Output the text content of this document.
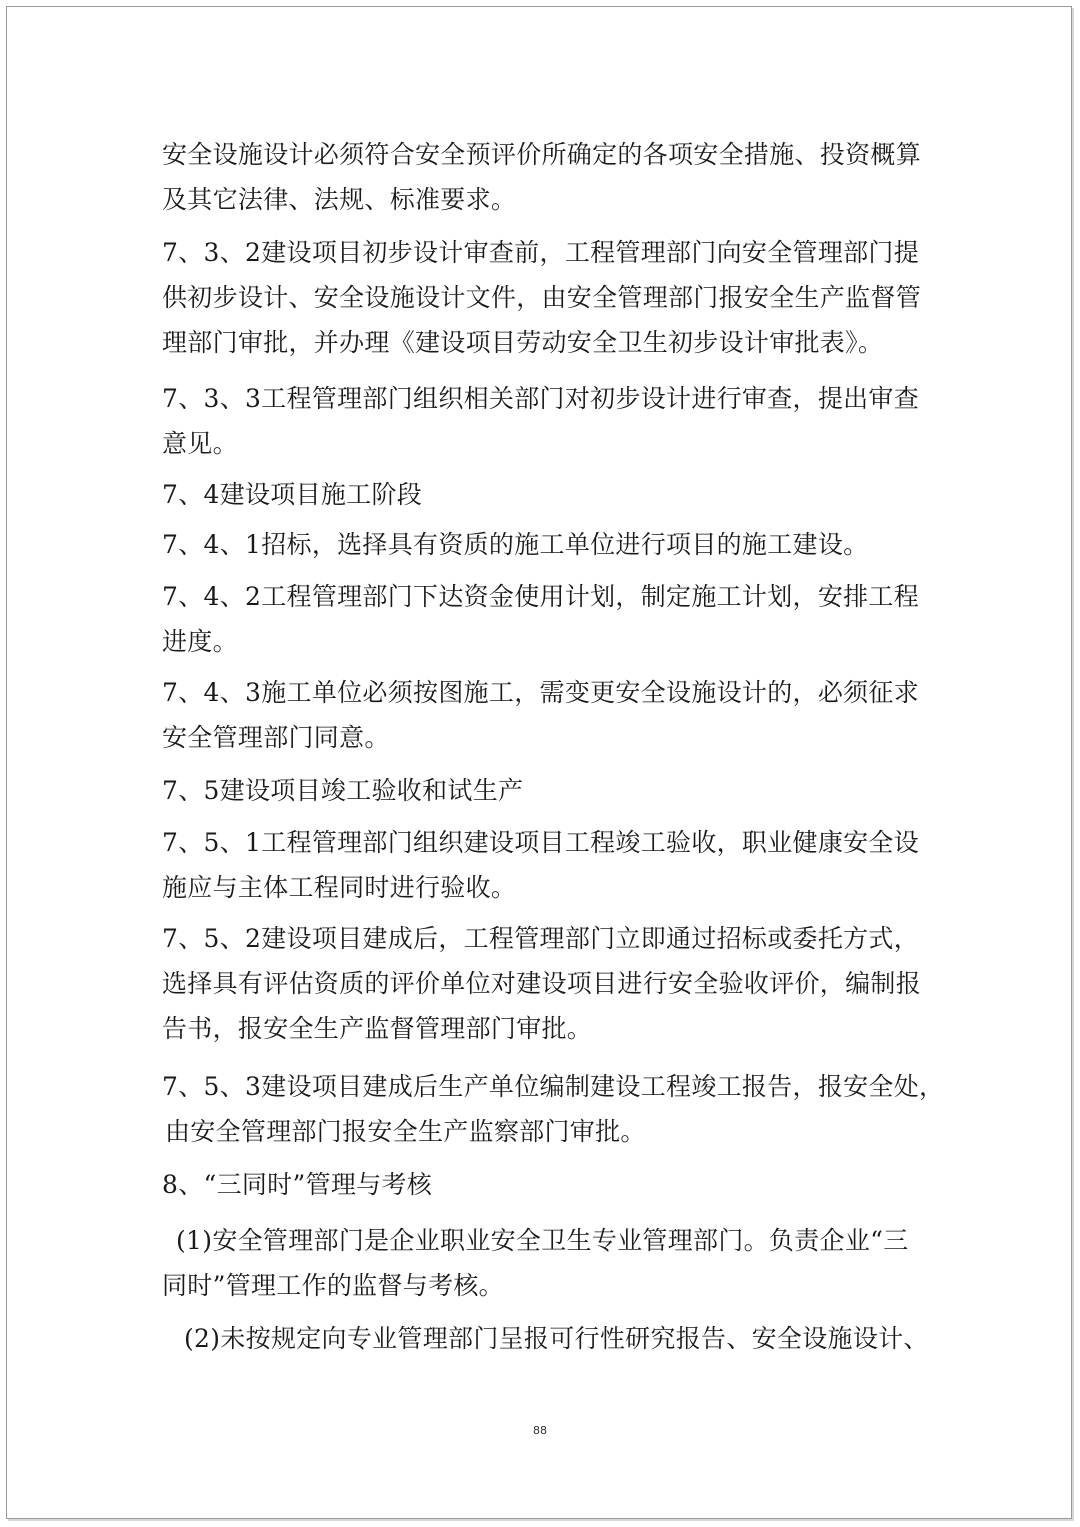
安全设施设计必须符合安全预评价所确定的各项安全措施、投资概算
及其它法律、法规、标准要求。

7、3、2建设项目初步设计审查前，工程管理部门向安全管理部门提
供初步设计、安全设施设计文件，由安全管理部门报安全生产监督管
理部门审批，并办理《建设项目劳动安全卫生初步设计审批表》。

7、3、3工程管理部门组织相关部门对初步设计进行审查，提出审查
意见。

7、4建设项目施工阶段

7、4、1招标，选择具有资质的施工单位进行项目的施工建设。

7、4、2工程管理部门下达资金使用计划，制定施工计划，安排工程
进度。

7、4、3施工单位必须按图施工，需变更安全设施设计的，必须征求
安全管理部门同意。

7、5建设项目竣工验收和试生产

7、5、1工程管理部门组织建设项目工程竣工验收，职业健康安全设
施应与主体工程同时进行验收。

7、5、2建设项目建成后，工程管理部门立即通过招标或委托方式，
选择具有评估资质的评价单位对建设项目进行安全验收评价，编制报
告书，报安全生产监督管理部门审批。

7、5、3建设项目建成后生产单位编制建设工程竣工报告，报安全处，
由安全管理部门报安全生产监察部门审批。

8、“三同时”管理与考核

(1)安全管理部门是企业职业安全卫生专业管理部门。负责企业“三
同时”管理工作的监督与考核。

(2)未按规定向专业管理部门呈报可行性研究报告、安全设施设计、

88
